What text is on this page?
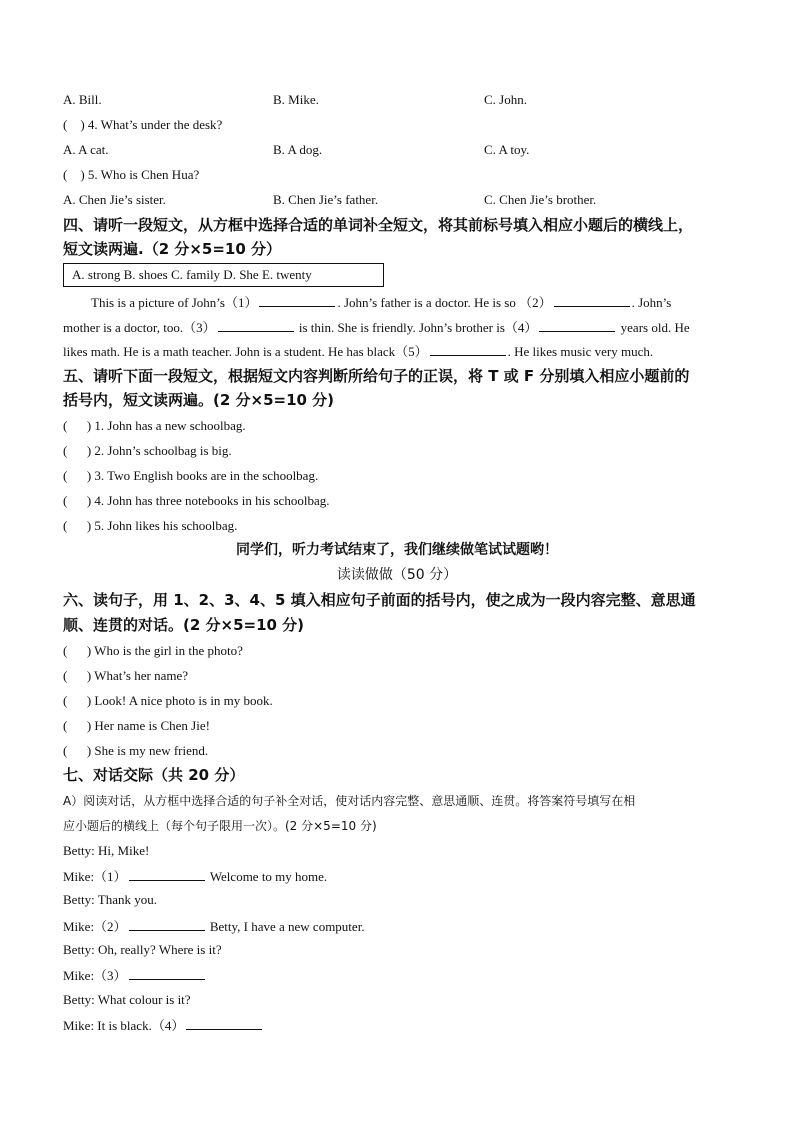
A. Bill.	B. Mike.	C. John.
(    ) 4. What’s under the desk?
A. A cat.	B. A dog.	C. A toy.
(    ) 5. Who is Chen Hua?
A. Chen Jie’s sister.	B. Chen Jie’s father.	C. Chen Jie’s brother.
四、请听一段短文，从方框中选择合适的单词补全短文，将其前标号填入相应小题后的横线上，
短文读两遍.（2 分×5=10 分）
A. strong B. shoes C. family D. She E. twenty
This is a picture of John’s（1）	. John’s father is a doctor. He is so （2）	. John’s
mother is a doctor, too.（3）	is thin. She is friendly. John’s brother is（4）	years old. He
likes math. He is a math teacher. John is a student. He has black（5）	. He likes music very much.
五、请听下面一段短文，根据短文内容判断所给句子的正误，将 T 或 F 分别填入相应小题前的
括号内，短文读两遍。(2 分×5=10 分)
(      ) 1. John has a new schoolbag.
(      ) 2. John’s schoolbag is big.
(      ) 3. Two English books are in the schoolbag.
(      ) 4. John has three notebooks in his schoolbag.
(      ) 5. John likes his schoolbag.
同学们，听力考试结束了，我们继续做笔试试题哟！
读读做做（50 分）
六、读句子，用 1、2、3、4、5 填入相应句子前面的括号内，使之成为一段内容完整、意思通
顺、连贯的对话。(2 分×5=10 分)
(      ) Who is the girl in the photo?
(      ) What’s her name?
(      ) Look! A nice photo is in my book.
(      ) Her name is Chen Jie!
(      ) She is my new friend.
七、对话交际（共 20 分）
A）阅读对话，从方框中选择合适的句子补全对话，使对话内容完整、意思通顺、连贯。将答案符号填写在相
应小题后的横线上（每个句子限用一次）。(2 分×5=10 分)
Betty: Hi, Mike!
Mike:（1）	Welcome to my home.
Betty: Thank you.
Mike:（2）	Betty, I have a new computer.
Betty: Oh, really? Where is it?
Mike:（3）
Betty: What colour is it?
Mike: It is black.（4）
